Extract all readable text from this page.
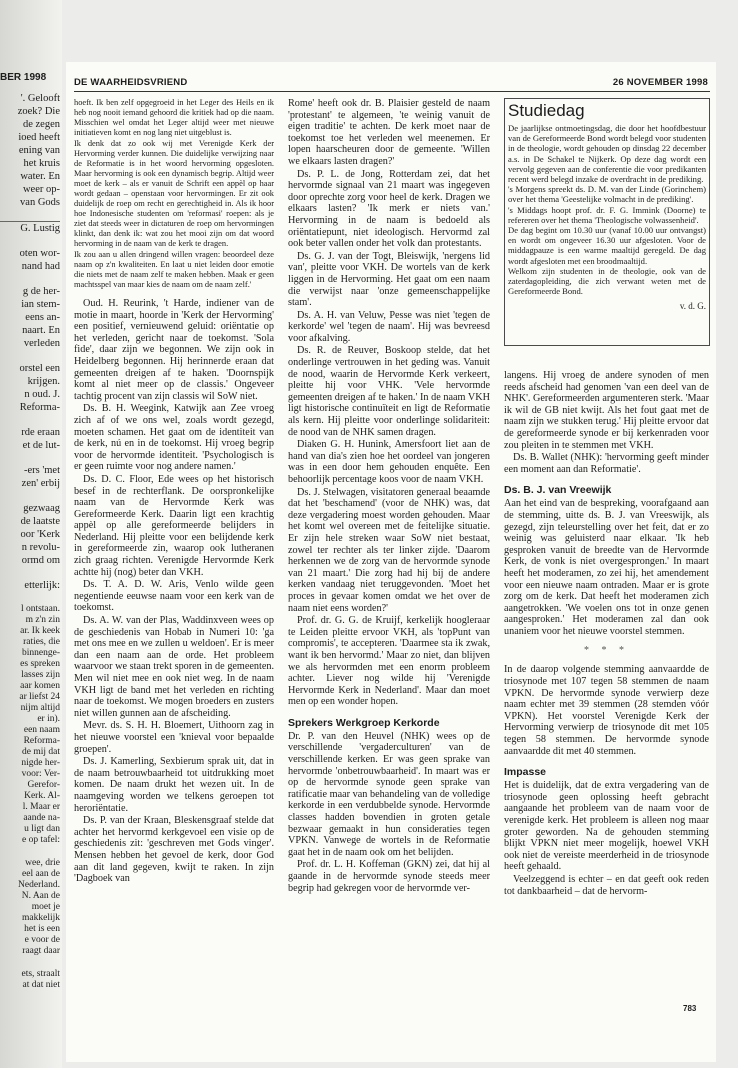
BER 1998

'. Gelooft

zoek? Die

de zegen

ioed heeft

ening van

het kruis

water. En

weer op-

van Gods

G. Lustig

oten wor-

nand had

g de her-

ian stem-

eens an-

naart. En

verleden

orstel een

krijgen.

n oud. J.

Reforma-

rde eraan

et de lut-

-ers 'met

zen' erbij

gezwaag

de laatste

oor 'Kerk

n revolu-

ormd om

etterlijk:

l ontstaan.

m z'n zin

ar. Ik keek

raties, die

binnenge-

es spreken

lasses zijn

aar komen

ar liefst 24

nijm altijd

er in).

een naam

Reforma-

de mij dat

nigde her-

voor: Ver-

Gerefor-

Kerk. Al-

l. Maar er

aande na-

u ligt dan

e op tafel:

wee, drie

eel aan de

Nederland.

N. Aan de

moet je

makkelijk

het is een

e voor de

raagt daar

ets, straalt

at dat niet

DE WAARHEIDSVRIEND	26 NOVEMBER 1998

hoeft. Ik ben zelf opgegroeid in het Leger des Heils en ik heb nog nooit iemand gehoord die kritiek had op die naam. Misschien wel omdat het Leger altijd weer met nieuwe initiatieven komt en nog lang niet uitgeblust is.

Ik denk dat zo ook wij met Verenigde Kerk der Hervorming verder kunnen. Die duidelijke verwijzing naar de Reformatie is in het woord hervorming opgesloten. Maar hervorming is ook een dynamisch begrip. Altijd weer moet de kerk – als er vanuit de Schrift een appèl op haar wordt gedaan – openstaan voor hervormingen. Er zit ook duidelijk de roep om recht en gerechtigheid in. Als ik hoor hoe Indonesische studenten om 'reformasi' roepen: als je ziet dat steeds weer in dictaturen de roep om hervormingen klinkt, dan denk ik: wat zou het mooi zijn om dat woord hervorming in de naam van de kerk te dragen.

Ik zou aan u allen dringend willen vragen: beoordeel deze naam op z'n kwaliteiten. En laat u niet leiden door emotie die niets met de naam zelf te maken hebben. Maak er geen machtsspel van maar kies de naam om de naam zelf.'

Oud. H. Reurink, 't Harde, indiener van de motie in maart, hoorde in 'Kerk der Hervorming' een positief, vernieuwend geluid: oriëntatie op het verleden, gericht naar de toekomst. 'Sola fide', daar zijn we begonnen. We zijn ook in Heidelberg begonnen. Hij herinnerde eraan dat gemeenten dreigen af te haken. 'Doornspijk komt al niet meer op de classis.' Ongeveer tachtig procent van zijn classis wil SoW niet.

Ds. B. H. Weegink, Katwijk aan Zee vroeg zich af of we ons wel, zoals wordt gezegd, moeten schamen. Het gaat om de identiteit van de kerk, nú en in de toekomst. Hij vroeg begrip voor de hervormde identiteit. 'Psychologisch is er geen ruimte voor nog andere namen.'

Ds. D. C. Floor, Ede wees op het historisch besef in de rechterflank. De oorspronkelijke naam van de Hervormde Kerk was Gereformeerde Kerk. Daarin ligt een krachtig appèl op alle gereformeerde belijders in Nederland. Hij pleitte voor een belijdende kerk in gereformeerde zin, waarop ook lutheranen zich graag richten. Verenigde Hervormde Kerk achtte hij (nog) beter dan VKH.

Ds. T. A. D. W. Aris, Venlo wilde geen negentiende eeuwse naam voor een kerk van de toekomst.

Ds. A. W. van der Plas, Waddinxveen wees op de geschiedenis van Hobab in Numeri 10: 'ga met ons mee en we zullen u weldoen'. Er is meer dan een naam aan de orde. Het probleem waarvoor we staan trekt sporen in de gemeenten. Men wil niet mee en ook niet weg. In de naam VKH ligt de band met het verleden en richting naar de toekomst. We mogen broeders en zusters niet willen gunnen aan de afscheiding.

Mevr. ds. S. H. H. Bloemert, Uithoorn zag in het nieuwe voorstel een 'knieval voor bepaalde groepen'.

Ds. J. Kamerling, Sexbierum sprak uit, dat in de naam betrouwbaarheid tot uitdrukking moet komen. De naam drukt het wezen uit. In de naamgeving worden we telkens geroepen tot heroriëntatie.

Ds. P. van der Kraan, Bleskensgraaf stelde dat achter het hervormd kerkgevoel een visie op de geschiedenis zit: 'geschreven met Gods vinger'. Mensen hebben het gevoel de kerk, door God aan dit land gegeven, kwijt te raken. In zijn 'Dagboek van

Rome' heeft ook dr. B. Plaisier gesteld de naam 'protestant' te algemeen, 'te weinig vanuit de eigen traditie' te achten. De kerk moet naar de toekomst toe het verleden wel meenemen. Er lopen haarscheuren door de gemeente. 'Willen we elkaars lasten dragen?'

Ds. P. L. de Jong, Rotterdam zei, dat het hervormde signaal van 21 maart was ingegeven door oprechte zorg voor heel de kerk. Dragen we elkaars lasten? 'Ik merk er niets van.' Hervorming in de naam is bedoeld als oriëntatiepunt, niet ideologisch. Hervormd zal ook beter vallen onder het volk dan protestants.

Ds. G. J. van der Togt, Bleiswijk, 'nergens lid van', pleitte voor VKH. De wortels van de kerk liggen in de Hervorming. Het gaat om een naam die verwijst naar 'onze gemeenschappelijke stam'.

Ds. A. H. van Veluw, Pesse was niet 'tegen de kerkorde' wel 'tegen de naam'. Hij was bevreesd voor afkalving.

Ds. R. de Reuver, Boskoop stelde, dat het onderlinge vertrouwen in het geding was. Vanuit de nood, waarin de Hervormde Kerk verkeert, pleitte hij voor VHK. 'Vele hervormde gemeenten dreigen af te haken.' In de naam VKH ligt historische continuïteit en ligt de Reformatie als kern. Hij pleitte voor onderlinge solidariteit: de nood van de NHK samen dragen.

Diaken G. H. Hunink, Amersfoort liet aan de hand van dia's zien hoe het oordeel van jongeren was in een door hem gehouden enquête. Een behoorlijk percentage koos voor de naam VKH.

Ds. J. Stelwagen, visitatoren generaal beaamde dat het 'beschamend' (voor de NHK) was, dat deze vergadering moest worden gehouden. Maar het komt wel overeen met de feitelijke situatie. Er zijn hele streken waar SoW niet bestaat, zowel ter rechter als ter linker zijde. 'Daarom herkennen we de zorg van de hervormde synode van 21 maart.' Die zorg had hij bij de andere kerken vandaag niet teruggevonden. 'Moet het proces in gevaar komen omdat we het over de naam niet eens worden?'

Prof. dr. G. G. de Kruijf, kerkelijk hoogleraar te Leiden pleitte ervoor VKH, als 'topPunt van compromis', te accepteren. 'Daarmee sta ik zwak, want ik ben hervormd.' Maar zo niet, dan blijven we als hervormden met een enorm probleem achter. Liever nog wilde hij 'Verenigde Hervormde Kerk in Nederland'. Maar dan moet men op een wonder hopen.

Sprekers Werkgroep Kerkorde

Dr. P. van den Heuvel (NHK) wees op de verschillende 'vergaderculturen' van de verschillende kerken. Er was geen sprake van hervormde 'onbetrouwbaarheid'. In maart was er op de hervormde synode geen sprake van ratificatie maar van behandeling van de volledige kerkorde in een verdubbelde synode. Hervormde classes hadden bovendien in groten getale bezwaar gemaakt in hun consideraties tegen VPKN. Vanwege de wortels in de Reformatie gaat het in de naam ook om het belijden.

Prof. dr. L. H. Koffeman (GKN) zei, dat hij al gaande in de hervormde synode steeds meer begrip had gekregen voor de hervormde ver-

Studiedag

De jaarlijkse ontmoetingsdag, die door het hoofdbestuur van de Gereformeerde Bond wordt belegd voor studenten in de theologie, wordt gehouden op dinsdag 22 december a.s. in De Schakel te Nijkerk. Op deze dag wordt een vervolg gegeven aan de conferentie die voor predikanten recent werd belegd inzake de overdracht in de prediking.

's Morgens spreekt ds. D. M. van der Linde (Gorinchem) over het thema 'Geestelijke volmacht in de prediking'.

's Middags hoopt prof. dr. F. G. Immink (Doorne) te refereren over het thema 'Theologische volwassenheid'.

De dag begint om 10.30 uur (vanaf 10.00 uur ontvangst) en wordt om ongeveer 16.30 uur afgesloten. Voor de middagpauze is een warme maaltijd geregeld. De dag wordt afgesloten met een broodmaaltijd.

Welkom zijn studenten in de theologie, ook van de zaterdagopleiding, die zich verwant weten met de Gereformeerde Bond.

v. d. G.

langens. Hij vroeg de andere synoden of men reeds afscheid had genomen 'van een deel van de NHK'. Gereformeerden argumenteren sterk. 'Maar ik wil de GB niet kwijt. Als het fout gaat met de naam zijn we stukken terug.' Hij pleitte ervoor dat de gereformeerde synode er bij kerkenraden voor zou pleiten in te stemmen met VKH.

Ds. B. Wallet (NHK): 'hervorming geeft minder een moment aan dan Reformatie'.

Ds. B. J. van Vreewijk

Aan het eind van de bespreking, voorafgaand aan de stemming, uitte ds. B. J. van Vreeswijk, als gezegd, zijn teleurstelling over het feit, dat er zo weinig was geluisterd naar elkaar. 'Ik heb gesproken vanuit de breedte van de Hervormde Kerk, de vonk is niet overgesprongen.' In maart heeft het moderamen, zo zei hij, het amendement voor een nieuwe naam ontraden. Maar er is grote zorg om de kerk. Dat heeft het moderamen zich aangetrokken. 'We voelen ons tot in onze genen aangesproken.' Het moderamen zal dan ook unaniem voor het nieuwe voorstel stemmen.

* * *

In de daarop volgende stemming aanvaardde de triosynode met 107 tegen 58 stemmen de naam VPKN. De hervormde synode verwierp deze naam echter met 39 stemmen (28 stemden vóór VPKN). Het voorstel Verenigde Kerk der Hervorming verwierp de triosynode dit met 105 tegen 58 stemmen. De hervormde synode aanvaardde dit met 40 stemmen.

Impasse

Het is duidelijk, dat de extra vergadering van de triosynode geen oplossing heeft gebracht aangaande het probleem van de naam voor de verenigde kerk. Het probleem is alleen nog maar groter geworden. Na de gehouden stemming blijkt VPKN niet meer mogelijk, hoewel VKH ook niet de vereiste meerderheid in de triosynode heeft gehaald.

Veelzeggend is echter – en dat geeft ook reden tot dankbaarheid – dat de hervorm-

783
